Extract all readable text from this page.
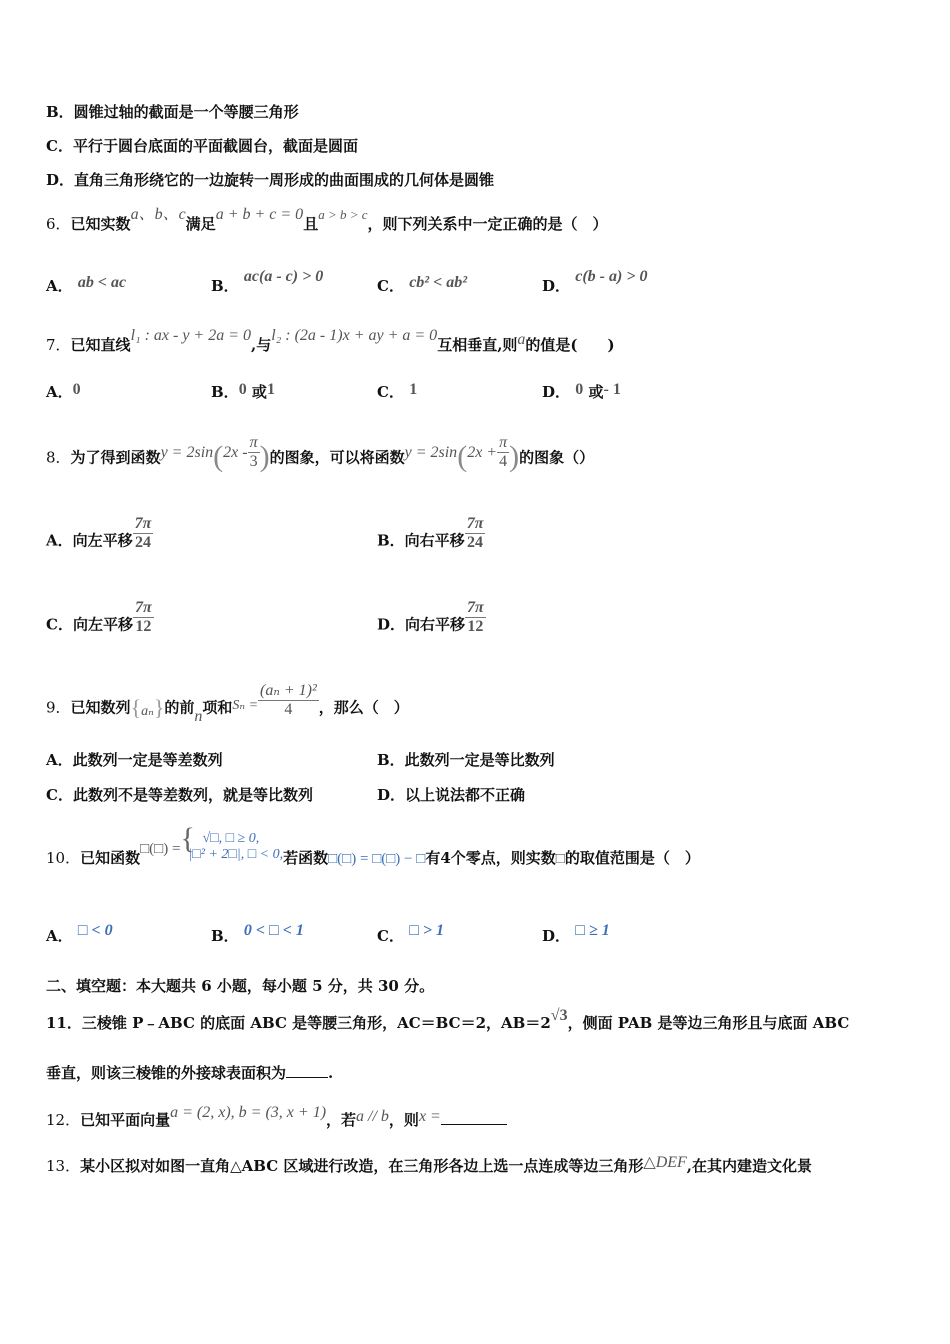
B．圆锥过轴的截面是一个等腰三角形
C．平行于圆台底面的平面截圆台，截面是圆面
D．直角三角形绕它的一边旋转一周形成的曲面围成的几何体是圆锥
6．已知实数a、b、c满足a + b + c = 0且a > b > c，则下列关系中一定正确的是（　）
A． ab < ac	B． ac(a - c) > 0
C． cb² < ab²	D． c(b - a) > 0
7．已知直线l₁ : ax - y + 2a = 0,与l₂ : (2a - 1)x + ay + a = 0互相垂直,则a的值是(　　)
A．0	B．0 或1	C． 1	D． 0 或- 1
8．为了得到函数$y = 2\sin(2x - \frac{\pi}{3}$ )的图象，可以将函数$y = 2\sin(2x + \frac{\pi}{4}$ )的图象（）
A．向左平移 $\frac{7\pi}{24}$	B．向右平移 $\frac{7\pi}{24}$
C．向左平移 $\frac{7\pi}{12}$	D．向右平移 $\frac{7\pi}{12}$
9．已知数列{aₙ}的前n项和$S_n = \frac{\text{(aₙ + 1)²}}{4}$ ，那么（　）
A．此数列一定是等差数列	B．此数列一定是等比数列
C．此数列不是等差数列，就是等比数列	D．以上说法都不正确
10．已知函数□(□) = { √□, □ ≥ 0,
|□² + 2□|, □ < 0, 若函数□(□) = □(□) − □有4个零点，则实数□的取值范围是（　）
A． □ < 0	B． 0 < □ < 1	C． □ > 1	D． □ ≥ 1
二、填空题：本大题共 6 小题，每小题 5 分，共 30 分。
11．三棱锥 P﹣ABC 的底面 ABC 是等腰三角形，AC＝BC＝2，AB＝2√3，侧面 PAB 是等边三角形且与底面 ABC
垂直，则该三棱锥的外接球表面积为	.
12．已知平面向量a = (2, x), b = (3, x + 1)，若a // b，则x =
13．某小区拟对如图一直角△ABC 区域进行改造，在三角形各边上选一点连成等边三角形△DEF,在其内建造文化景
